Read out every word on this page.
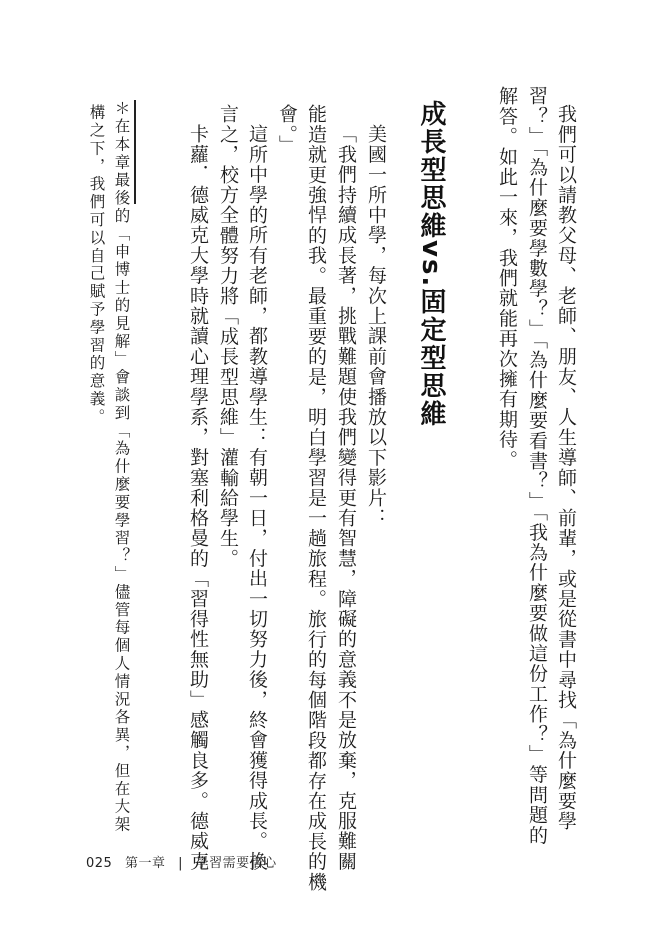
我們可以請教父母、老師、朋友、人生導師、前輩，或是從書中尋找「為什麼要學
習？」「為什麼要學數學？」「為什麼要看書？」「我為什麼要做這份工作？」等問題的
解答。如此一來，我們就能再次擁有期待。
成長型思維vs.固定型思維
美國一所中學，每次上課前會播放以下影片：
「我們持續成長著，挑戰難題使我們變得更有智慧，障礙的意義不是放棄，克服難關
能造就更強悍的我。最重要的是，明白學習是一趟旅程。旅行的每個階段都存在成長的機
會。」
這所中學的所有老師，都教導學生：有朝一日，付出一切努力後，終會獲得成長。換
言之，校方全體努力將「成長型思維」灌輸給學生。
卡蘿．德威克大學時就讀心理學系，對塞利格曼的「習得性無助」感觸良多。德威克
＊在本章最後的「申博士的見解」會談到「為什麼要學習？」儘管每個人情況各異，但在大架
構之下，我們可以自己賦予學習的意義。
025 第一章 | 學習需要信心
